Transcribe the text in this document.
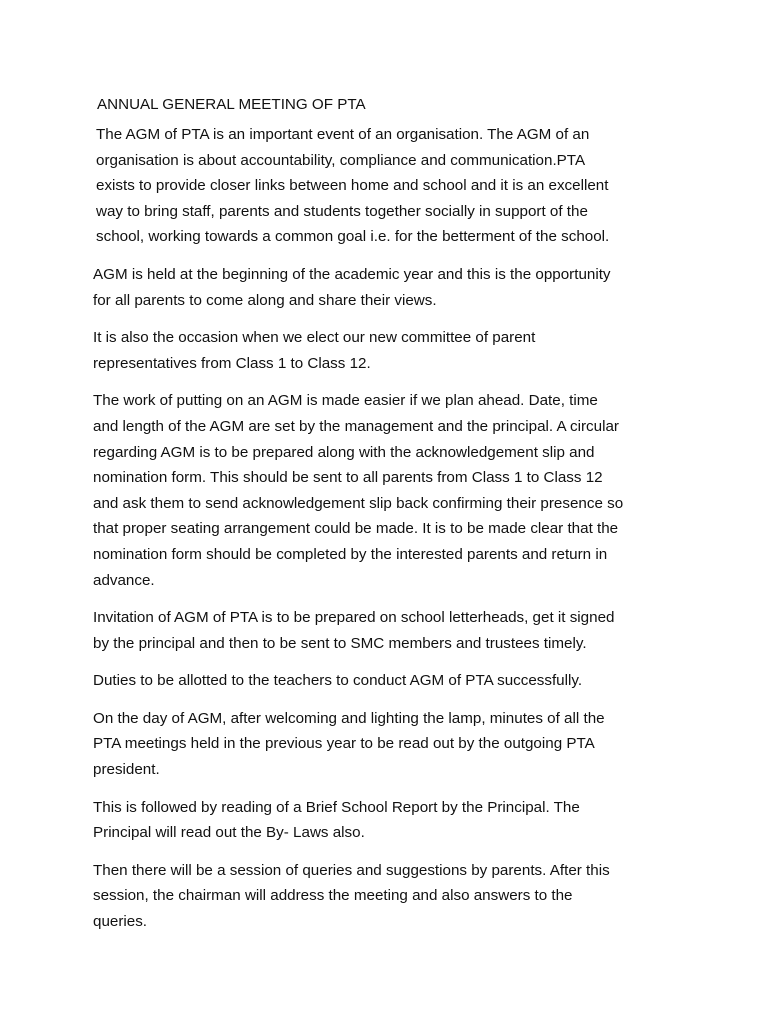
ANNUAL GENERAL MEETING OF PTA

The AGM of PTA is an important event of an organisation. The AGM of an
organisation is about accountability, compliance and communication.PTA
exists to provide closer links between home and school and it is an excellent
way to bring staff, parents and students together socially in support of the
school, working towards a common goal i.e. for the betterment of the school.

AGM is held at the beginning of the academic year and this is the opportunity
for all parents to come along and share their views.

It is also the occasion when we elect our new committee of parent
representatives from Class 1 to Class 12.

The work of putting on an AGM is made easier if we plan ahead. Date, time
and length of the AGM are set by the management and the principal. A circular
regarding AGM is to be prepared along with the acknowledgement slip and
nomination form. This should be sent to all parents from Class 1 to Class 12
and ask them to send acknowledgement slip back confirming their presence so
that proper seating arrangement could be made. It is to be made clear that the
nomination form should be completed by the interested parents and return in
advance.

Invitation of AGM of PTA is to be prepared on school letterheads, get it signed
by the principal and then to be sent to SMC members and trustees timely.

Duties to be allotted to the teachers to conduct AGM of PTA successfully.

On the day of AGM, after welcoming and lighting the lamp, minutes of all the
PTA meetings held in the previous year to be read out by the outgoing PTA
president.

This is followed by reading of a Brief School Report by the Principal. The
Principal will read out the By- Laws also.

Then there will be a session of queries and suggestions by parents. After this
session, the chairman will address the meeting and also answers to the
queries.
